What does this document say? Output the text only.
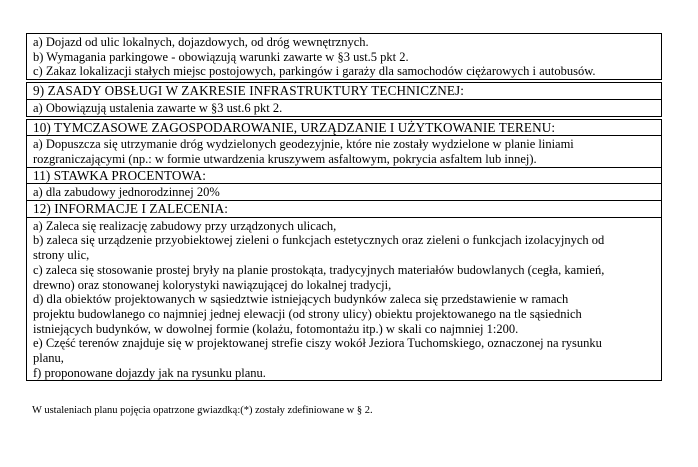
a) Dojazd od ulic lokalnych, dojazdowych, od dróg wewnętrznych.
b) Wymagania parkingowe - obowiązują warunki zawarte w §3 ust.5 pkt 2.
c) Zakaz lokalizacji stałych miejsc postojowych, parkingów i garaży dla samochodów ciężarowych i autobusów.

9) ZASADY OBSŁUGI W ZAKRESIE INFRASTRUKTURY TECHNICZNEJ:

a) Obowiązują ustalenia zawarte w §3 ust.6 pkt 2.

10) TYMCZASOWE ZAGOSPODAROWANIE, URZĄDZANIE I UŻYTKOWANIE TERENU:

a) Dopuszcza się utrzymanie dróg wydzielonych geodezyjnie, które nie zostały wydzielone w planie liniami
rozgraniczającymi (np.: w formie utwardzenia kruszywem asfaltowym, pokrycia asfaltem lub innej).

11) STAWKA PROCENTOWA:

a) dla zabudowy jednorodzinnej 20%

12) INFORMACJE I ZALECENIA:

a) Zaleca się realizację zabudowy przy urządzonych ulicach,
b) zaleca się urządzenie przyobiektowej zieleni o funkcjach estetycznych oraz zieleni o funkcjach izolacyjnych od
strony ulic,
c) zaleca się stosowanie prostej bryły na planie prostokąta, tradycyjnych materiałów budowlanych (cegła, kamień,
drewno) oraz stonowanej kolorystyki nawiązującej do lokalnej tradycji,
d) dla obiektów projektowanych w sąsiedztwie istniejących budynków zaleca się przedstawienie w ramach
projektu budowlanego co najmniej jednej elewacji (od strony ulicy) obiektu projektowanego na tle sąsiednich
istniejących budynków, w dowolnej formie (kolażu, fotomontażu itp.) w skali co najmniej 1:200.
e) Część terenów znajduje się w projektowanej strefie ciszy wokół Jeziora Tuchomskiego, oznaczonej na rysunku
planu,
f) proponowane dojazdy jak na rysunku planu.
W ustaleniach planu pojęcia opatrzone gwiazdką:(*) zostały zdefiniowane w § 2.
